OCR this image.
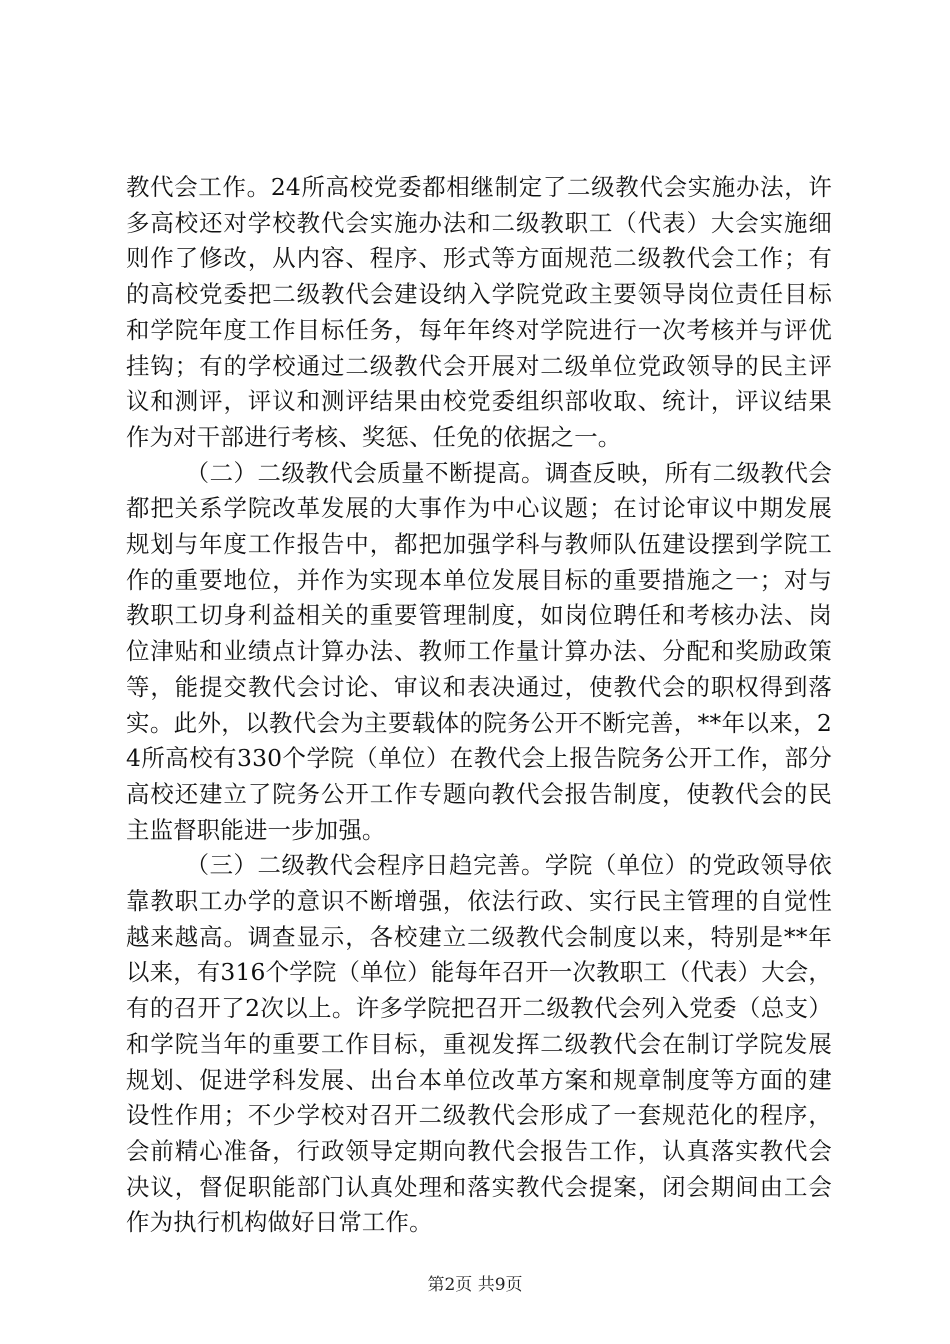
教代会工作。24所高校党委都相继制定了二级教代会实施办法，许多高校还对学校教代会实施办法和二级教职工（代表）大会实施细则作了修改，从内容、程序、形式等方面规范二级教代会工作；有的高校党委把二级教代会建设纳入学院党政主要领导岗位责任目标和学院年度工作目标任务，每年年终对学院进行一次考核并与评优挂钩；有的学校通过二级教代会开展对二级单位党政领导的民主评议和测评，评议和测评结果由校党委组织部收取、统计，评议结果作为对干部进行考核、奖惩、任免的依据之一。

（二）二级教代会质量不断提高。调查反映，所有二级教代会都把关系学院改革发展的大事作为中心议题；在讨论审议中期发展规划与年度工作报告中，都把加强学科与教师队伍建设摆到学院工作的重要地位，并作为实现本单位发展目标的重要措施之一；对与教职工切身利益相关的重要管理制度，如岗位聘任和考核办法、岗位津贴和业绩点计算办法、教师工作量计算办法、分配和奖励政策等，能提交教代会讨论、审议和表决通过，使教代会的职权得到落实。此外，以教代会为主要载体的院务公开不断完善，**年以来，24所高校有330个学院（单位）在教代会上报告院务公开工作，部分高校还建立了院务公开工作专题向教代会报告制度，使教代会的民主监督职能进一步加强。

（三）二级教代会程序日趋完善。学院（单位）的党政领导依靠教职工办学的意识不断增强，依法行政、实行民主管理的自觉性越来越高。调查显示，各校建立二级教代会制度以来，特别是**年以来，有316个学院（单位）能每年召开一次教职工（代表）大会，有的召开了2次以上。许多学院把召开二级教代会列入党委（总支）和学院当年的重要工作目标，重视发挥二级教代会在制订学院发展规划、促进学科发展、出台本单位改革方案和规章制度等方面的建设性作用；不少学校对召开二级教代会形成了一套规范化的程序，会前精心准备，行政领导定期向教代会报告工作，认真落实教代会决议，督促职能部门认真处理和落实教代会提案，闭会期间由工会作为执行机构做好日常工作。

第2页 共9页
